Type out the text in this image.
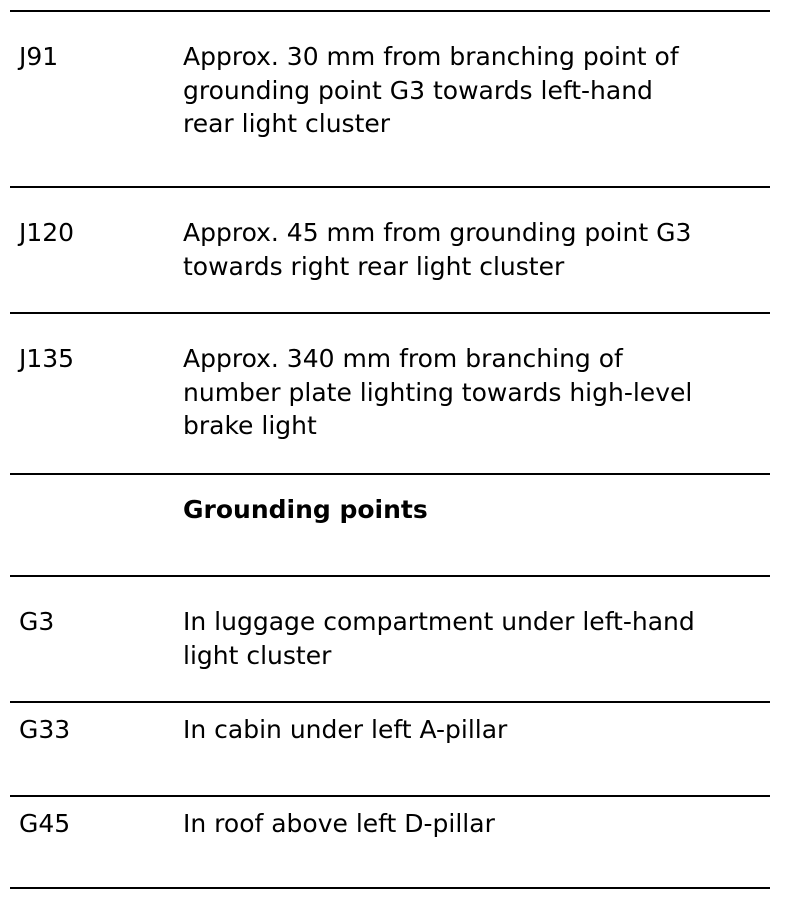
J91	Approx. 30 mm from branching point of
grounding point G3 towards left-hand
rear light cluster
J120	Approx. 45 mm from grounding point G3
towards right rear light cluster
J135	Approx. 340 mm from branching of
number plate lighting towards high-level
brake light
Grounding points
G3	In luggage compartment under left-hand
light cluster
G33	In cabin under left A-pillar
G45	In roof above left D-pillar
